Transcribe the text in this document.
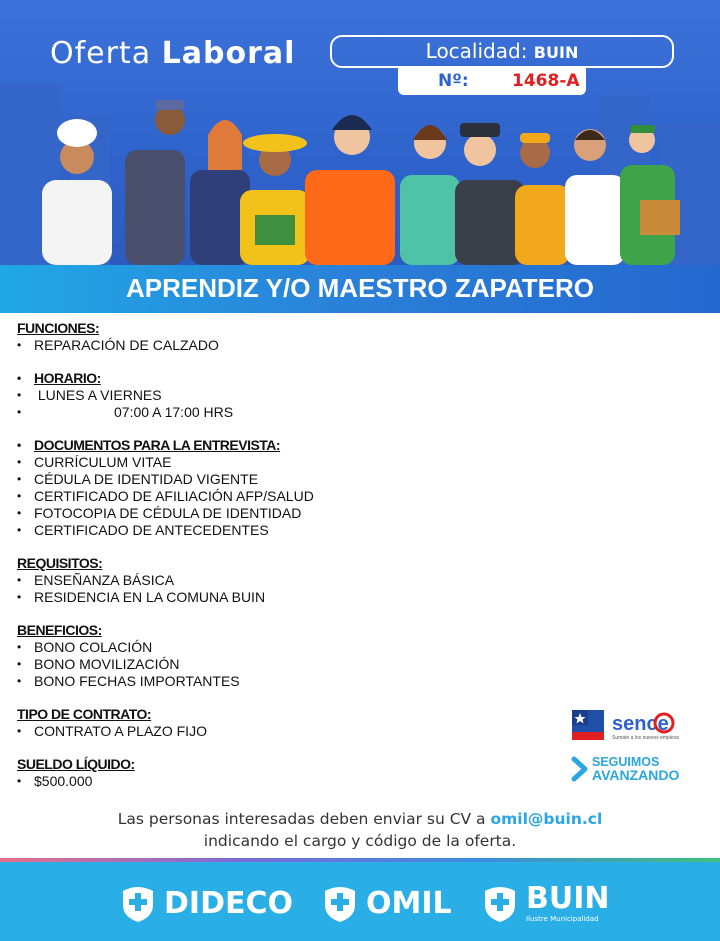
Oferta Laboral	Localidad: BUIN
Nº:	1468-A
APRENDIZ Y/O MAESTRO ZAPATERO
FUNCIONES:
• REPARACIÓN DE CALZADO
• HORARIO:
•  LUNES A VIERNES
• 07:00 A 17:00 HRS
• DOCUMENTOS PARA LA ENTREVISTA:
• CURRÍCULUM VITAE
• CÉDULA DE IDENTIDAD VIGENTE
• CERTIFICADO DE AFILIACIÓN AFP/SALUD
• FOTOCOPIA DE CÉDULA DE IDENTIDAD
• CERTIFICADO DE ANTECEDENTES
REQUISITOS:
• ENSEÑANZA BÁSICA
• RESIDENCIA EN LA COMUNA BUIN
BENEFICIOS:
• BONO COLACIÓN
• BONO MOVILIZACIÓN
• BONO FECHAS IMPORTANTES
TIPO DE CONTRATO:
• CONTRATO A PLAZO FIJO
SUELDO LÍQUIDO:
• $500.000
sence
Sumate a los nuevos empleos
SEGUIMOS
AVANZANDO
Las personas interesadas deben enviar su CV a omil@buin.cl
indicando el cargo y código de la oferta.
DIDECO OMIL BUIN
Ilustre Municipalidad
